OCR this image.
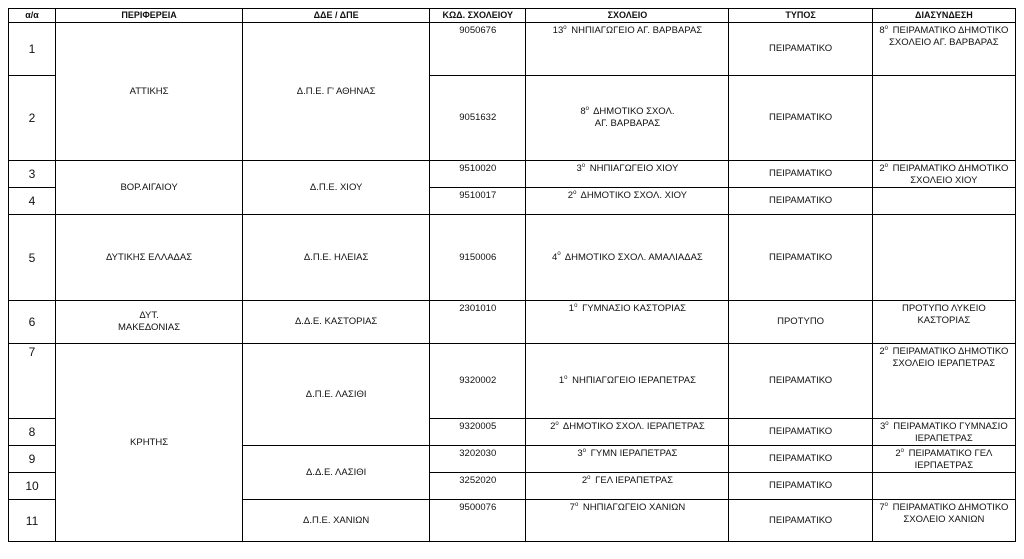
α/α	ΠΕΡΙΦΕΡΕΙΑ	ΔΔΕ / ΔΠΕ	ΚΩΔ. ΣΧΟΛΕΙΟΥ	ΣΧΟΛΕΙΟ	ΤΥΠΟΣ	ΔΙΑΣΥΝΔΕΣΗ
1	ΑΤΤΙΚΗΣ	Δ.Π.Ε. Γ' ΑΘΗΝΑΣ	9050676	$13^o$ ΝΗΠΙΑΓΩΓΕΙΟ ΑΓ. ΒΑΡΒΑΡΑΣ	ΠΕΙΡΑΜΑΤΙΚΟ	$8^o$ ΠΕΙΡΑΜΑΤΙΚΟ ΔΗΜΟΤΙΚΟ ΣΧΟΛΕΙΟ ΑΓ. ΒΑΡΒΑΡΑΣ
2			9051632	$8^o$ ΔΗΜΟΤΙΚΟ ΣΧΟΛ.
ΑΓ. ΒΑΡΒΑΡΑΣ	ΠΕΙΡΑΜΑΤΙΚΟ	
3	ΒΟΡ.ΑΙΓΑΙΟΥ	Δ.Π.Ε. ΧΙΟΥ	9510020	$3^o$ ΝΗΠΙΑΓΩΓΕΙΟ ΧΙΟΥ	ΠΕΙΡΑΜΑΤΙΚΟ	$2^o$ ΠΕΙΡΑΜΑΤΙΚΟ ΔΗΜΟΤΙΚΟ ΣΧΟΛΕΙΟ ΧΙΟΥ
4			9510017	$2^o$ ΔΗΜΟΤΙΚΟ ΣΧΟΛ. ΧΙΟΥ	ΠΕΙΡΑΜΑΤΙΚΟ	
5	ΔΥΤΙΚΗΣ ΕΛΛΑΔΑΣ	Δ.Π.Ε. ΗΛΕΙΑΣ	9150006	$4^o$ ΔΗΜΟΤΙΚΟ ΣΧΟΛ. ΑΜΑΛΙΑΔΑΣ	ΠΕΙΡΑΜΑΤΙΚΟ	
6	ΔΥΤ.
ΜΑΚΕΔΟΝΙΑΣ	Δ.Δ.Ε. ΚΑΣΤΟΡΙΑΣ	2301010	$1^o$ ΓΥΜΝΑΣΙΟ ΚΑΣΤΟΡΙΑΣ	ΠΡΟΤΥΠΟ	ΠΡΟΤΥΠΟ ΛΥΚΕΙΟ ΚΑΣΤΟΡΙΑΣ
7	ΚΡΗΤΗΣ	Δ.Π.Ε. ΛΑΣΙΘΙ	9320002	$1^o$ ΝΗΠΙΑΓΩΓΕΙΟ ΙΕΡΑΠΕΤΡΑΣ	ΠΕΙΡΑΜΑΤΙΚΟ	$2^o$ ΠΕΙΡΑΜΑΤΙΚΟ ΔΗΜΟΤΙΚΟ ΣΧΟΛΕΙΟ ΙΕΡΑΠΕΤΡΑΣ
8			9320005	$2^o$ ΔΗΜΟΤΙΚΟ ΣΧΟΛ. ΙΕΡΑΠΕΤΡΑΣ	ΠΕΙΡΑΜΑΤΙΚΟ	$3^o$ ΠΕΙΡΑΜΑΤΙΚΟ ΓΥΜΝΑΣΙΟ ΙΕΡΑΠΕΤΡΑΣ
9		Δ.Δ.Ε. ΛΑΣΙΘΙ	3202030	$3^o$ ΓΥΜΝ ΙΕΡΑΠΕΤΡΑΣ	ΠΕΙΡΑΜΑΤΙΚΟ	$2^o$ ΠΕΙΡΑΜΑΤΙΚΟ ΓΕΛ ΙΕΡΠΑΕΤΡΑΣ
10			3252020	$2^o$ ΓΕΛ ΙΕΡΑΠΕΤΡΑΣ	ΠΕΙΡΑΜΑΤΙΚΟ	
11		Δ.Π.Ε. ΧΑΝΙΩΝ	9500076	$7^o$ ΝΗΠΙΑΓΩΓΕΙΟ ΧΑΝΙΩΝ	ΠΕΙΡΑΜΑΤΙΚΟ	$7^o$ ΠΕΙΡΑΜΑΤΙΚΟ ΔΗΜΟΤΙΚΟ ΣΧΟΛΕΙΟ ΧΑΝΙΩΝ
